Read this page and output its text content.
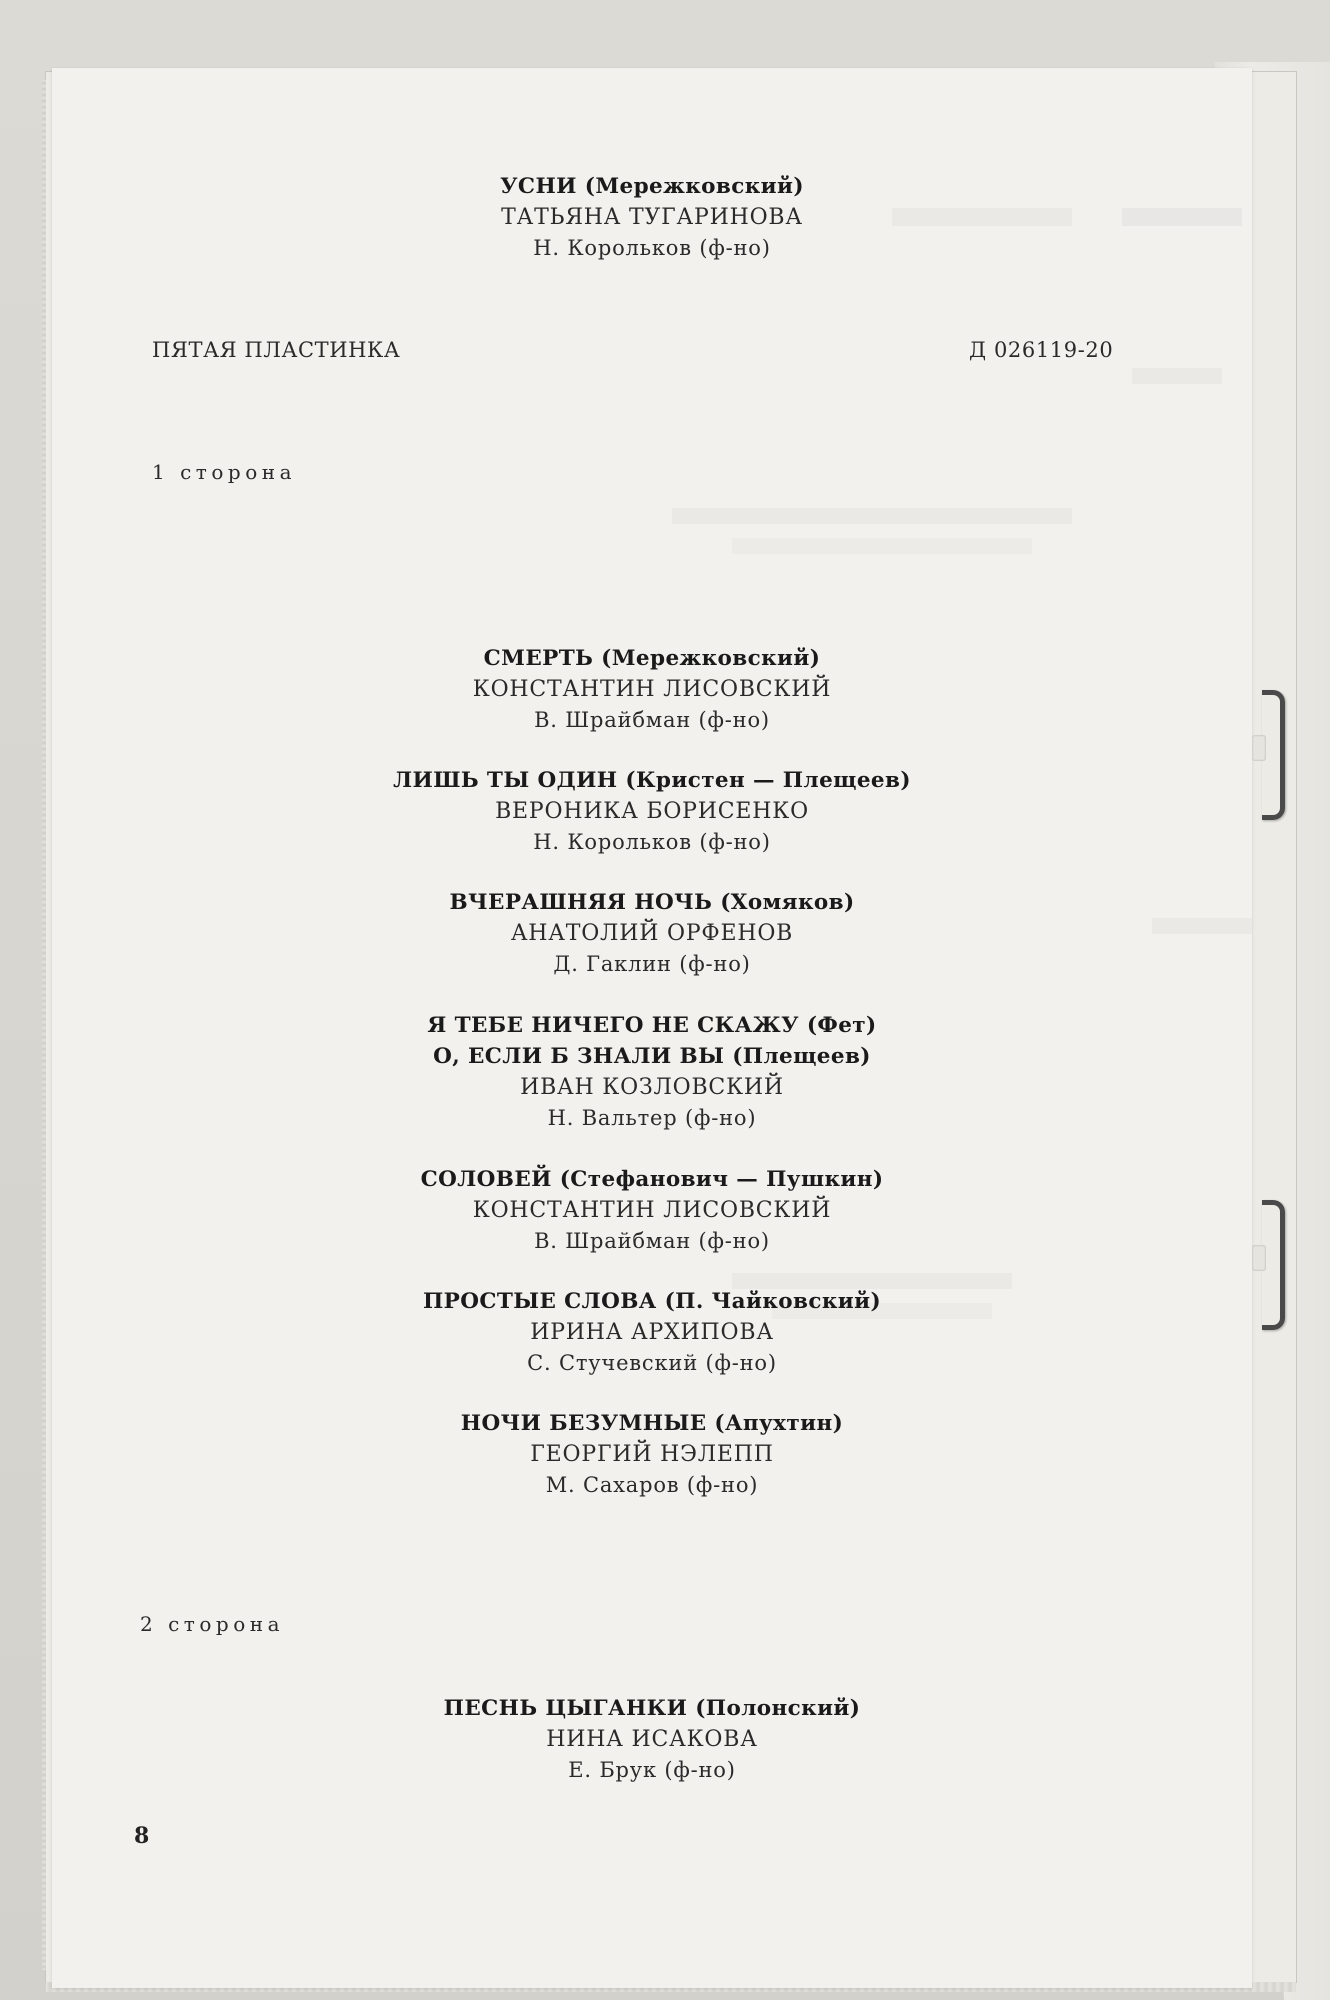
УСНИ (Мережковский)
ТАТЬЯНА ТУГАРИНОВА
Н. Корольков (ф-но)
ПЯТАЯ ПЛАСТИНКА	Д 026119-20
1 сторона
СМЕРТЬ (Мережковский)
КОНСТАНТИН ЛИСОВСКИЙ
В. Шрайбман (ф-но)
ЛИШЬ ТЫ ОДИН (Кристен — Плещеев)
ВЕРОНИКА БОРИСЕНКО
Н. Корольков (ф-но)
ВЧЕРАШНЯЯ НОЧЬ (Хомяков)
АНАТОЛИЙ ОРФЕНОВ
Д. Гаклин (ф-но)
Я ТЕБЕ НИЧЕГО НЕ СКАЖУ (Фет)
О, ЕСЛИ Б ЗНАЛИ ВЫ (Плещеев)
ИВАН КОЗЛОВСКИЙ
Н. Вальтер (ф-но)
СОЛОВЕЙ (Стефанович — Пушкин)
КОНСТАНТИН ЛИСОВСКИЙ
В. Шрайбман (ф-но)
ПРОСТЫЕ СЛОВА (П. Чайковский)
ИРИНА АРХИПОВА
С. Стучевский (ф-но)
НОЧИ БЕЗУМНЫЕ (Апухтин)
ГЕОРГИЙ НЭЛЕПП
М. Сахаров (ф-но)
2 сторона
ПЕСНЬ ЦЫГАНКИ (Полонский)
НИНА ИСАКОВА
Е. Брук (ф-но)
8
